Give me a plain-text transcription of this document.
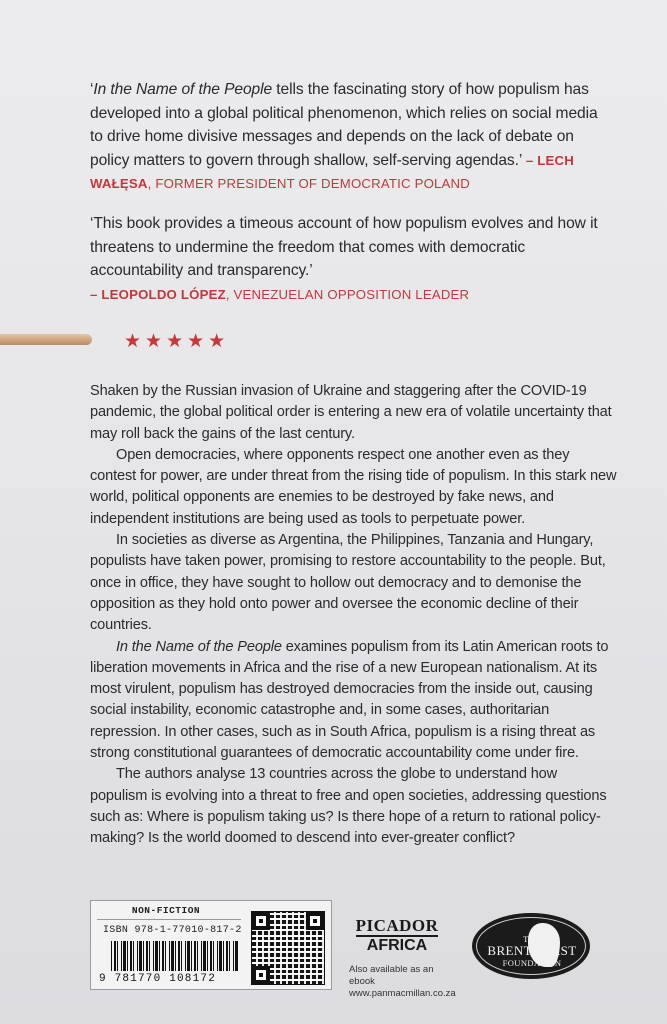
‘In the Name of the People tells the fascinating story of how populism has developed into a global political phenomenon, which relies on social media to drive home divisive messages and depends on the lack of debate on policy matters to govern through shallow, self-serving agendas.’ – LECH WAŁĘSA, FORMER PRESIDENT OF DEMOCRATIC POLAND
‘This book provides a timeous account of how populism evolves and how it threatens to undermine the freedom that comes with democratic accountability and transparency.’
– LEOPOLDO LÓPEZ, VENEZUELAN OPPOSITION LEADER
★★★★★

Shaken by the Russian invasion of Ukraine and staggering after the COVID-19 pandemic, the global political order is entering a new era of volatile uncertainty that may roll back the gains of the last century.

Open democracies, where opponents respect one another even as they contest for power, are under threat from the rising tide of populism. In this stark new world, political opponents are enemies to be destroyed by fake news, and independent institutions are being used as tools to perpetuate power.

In societies as diverse as Argentina, the Philippines, Tanzania and Hungary, populists have taken power, promising to restore accountability to the people. But, once in office, they have sought to hollow out democracy and to demonise the opposition as they hold onto power and oversee the economic decline of their countries.

In the Name of the People examines populism from its Latin American roots to liberation movements in Africa and the rise of a new European nationalism. At its most virulent, populism has destroyed democracies from the inside out, causing social instability, economic catastrophe and, in some cases, authoritarian repression. In other cases, such as in South Africa, populism is a rising threat as strong constitutional guarantees of democratic accountability come under fire.

The authors analyse 13 countries across the globe to understand how populism is evolving into a threat to free and open societies, addressing questions such as: Where is populism taking us? Is there hope of a return to rational policy-making? Is the world doomed to descend into ever-greater conflict?

NON-FICTION
ISBN 978-1-77010-817-2
9 781770 108172
PICADOR
AFRICA
Also available as an ebook
www.panmacmillan.co.za
THE
BRENTHURST
FOUNDATION
